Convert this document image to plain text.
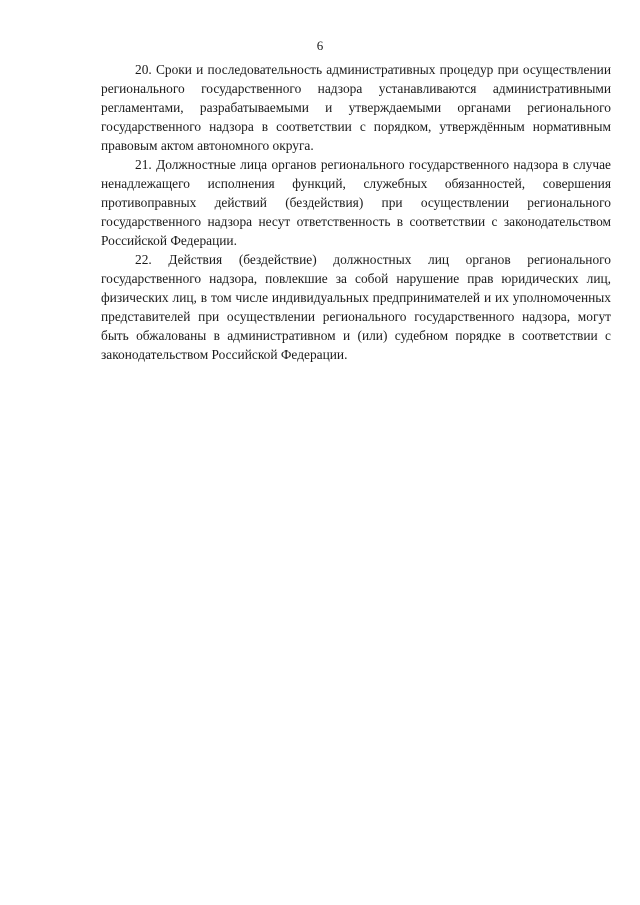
6

20. Сроки и последовательность административных процедур при осуществлении регионального государственного надзора устанавливаются административными регламентами, разрабатываемыми и утверждаемыми органами регионального государственного надзора в соответствии с порядком, утверждённым нормативным правовым актом автономного округа.

21. Должностные лица органов регионального государственного надзора в случае ненадлежащего исполнения функций, служебных обязанностей, совершения противоправных действий (бездействия) при осуществлении регионального государственного надзора несут ответственность в соответствии с законодательством Российской Федерации.

22. Действия (бездействие) должностных лиц органов регионального государственного надзора, повлекшие за собой нарушение прав юридических лиц, физических лиц, в том числе индивидуальных предпринимателей и их уполномоченных представителей при осуществлении регионального государственного надзора, могут быть обжалованы в административном и (или) судебном порядке в соответствии с законодательством Российской Федерации.
